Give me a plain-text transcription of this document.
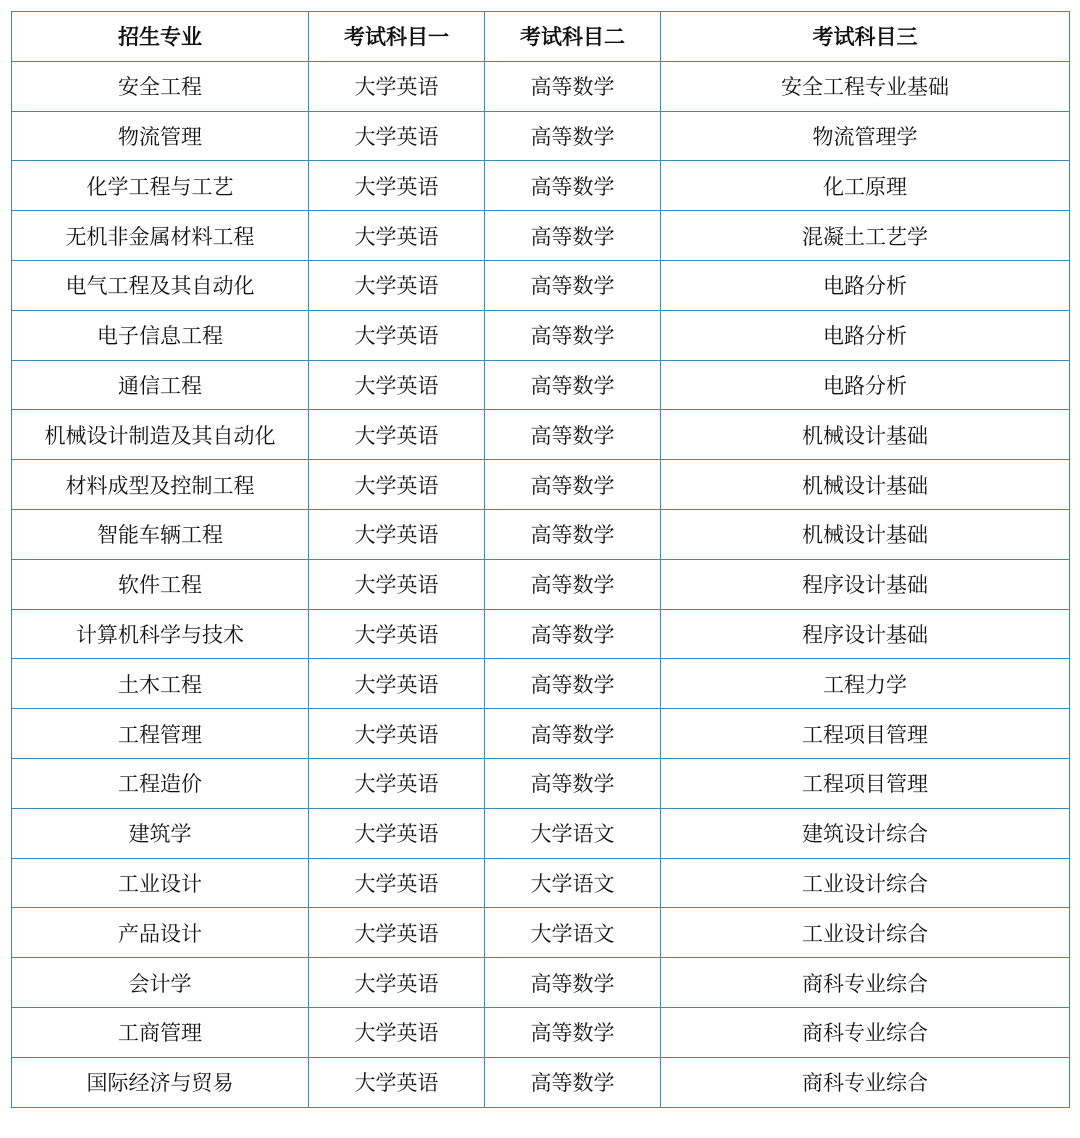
招生专业	考试科目一	考试科目二	考试科目三
安全工程	大学英语	高等数学	安全工程专业基础
物流管理	大学英语	高等数学	物流管理学
化学工程与工艺	大学英语	高等数学	化工原理
无机非金属材料工程	大学英语	高等数学	混凝土工艺学
电气工程及其自动化	大学英语	高等数学	电路分析
电子信息工程	大学英语	高等数学	电路分析
通信工程	大学英语	高等数学	电路分析
机械设计制造及其自动化	大学英语	高等数学	机械设计基础
材料成型及控制工程	大学英语	高等数学	机械设计基础
智能车辆工程	大学英语	高等数学	机械设计基础
软件工程	大学英语	高等数学	程序设计基础
计算机科学与技术	大学英语	高等数学	程序设计基础
土木工程	大学英语	高等数学	工程力学
工程管理	大学英语	高等数学	工程项目管理
工程造价	大学英语	高等数学	工程项目管理
建筑学	大学英语	大学语文	建筑设计综合
工业设计	大学英语	大学语文	工业设计综合
产品设计	大学英语	大学语文	工业设计综合
会计学	大学英语	高等数学	商科专业综合
工商管理	大学英语	高等数学	商科专业综合
国际经济与贸易	大学英语	高等数学	商科专业综合
